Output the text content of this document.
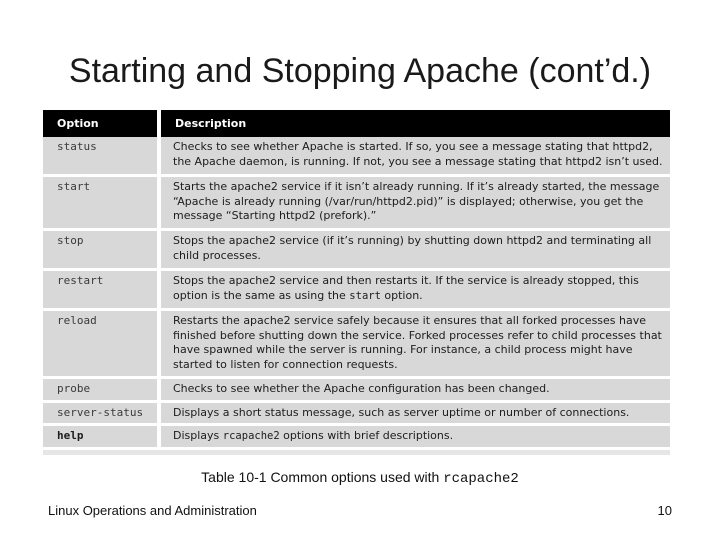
Starting and Stopping Apache (cont’d.)
Option	Description
status	Checks to see whether Apache is started. If so, you see a message stating that httpd2, the Apache daemon, is running. If not, you see a message stating that httpd2 isn’t used.
start	Starts the apache2 service if it isn’t already running. If it’s already started, the message “Apache is already running (/var/run/httpd2.pid)” is displayed; otherwise, you get the message “Starting httpd2 (prefork).”
stop	Stops the apache2 service (if it’s running) by shutting down httpd2 and terminating all child processes.
restart	Stops the apache2 service and then restarts it. If the service is already stopped, this option is the same as using the start option.
reload	Restarts the apache2 service safely because it ensures that all forked processes have finished before shutting down the service. Forked processes refer to child processes that have spawned while the server is running. For instance, a child process might have started to listen for connection requests.
probe	Checks to see whether the Apache configuration has been changed.
server-status	Displays a short status message, such as server uptime or number of connections.
help	Displays rcapache2 options with brief descriptions.
Table 10-1 Common options used with rcapache2
Linux Operations and Administration	10
